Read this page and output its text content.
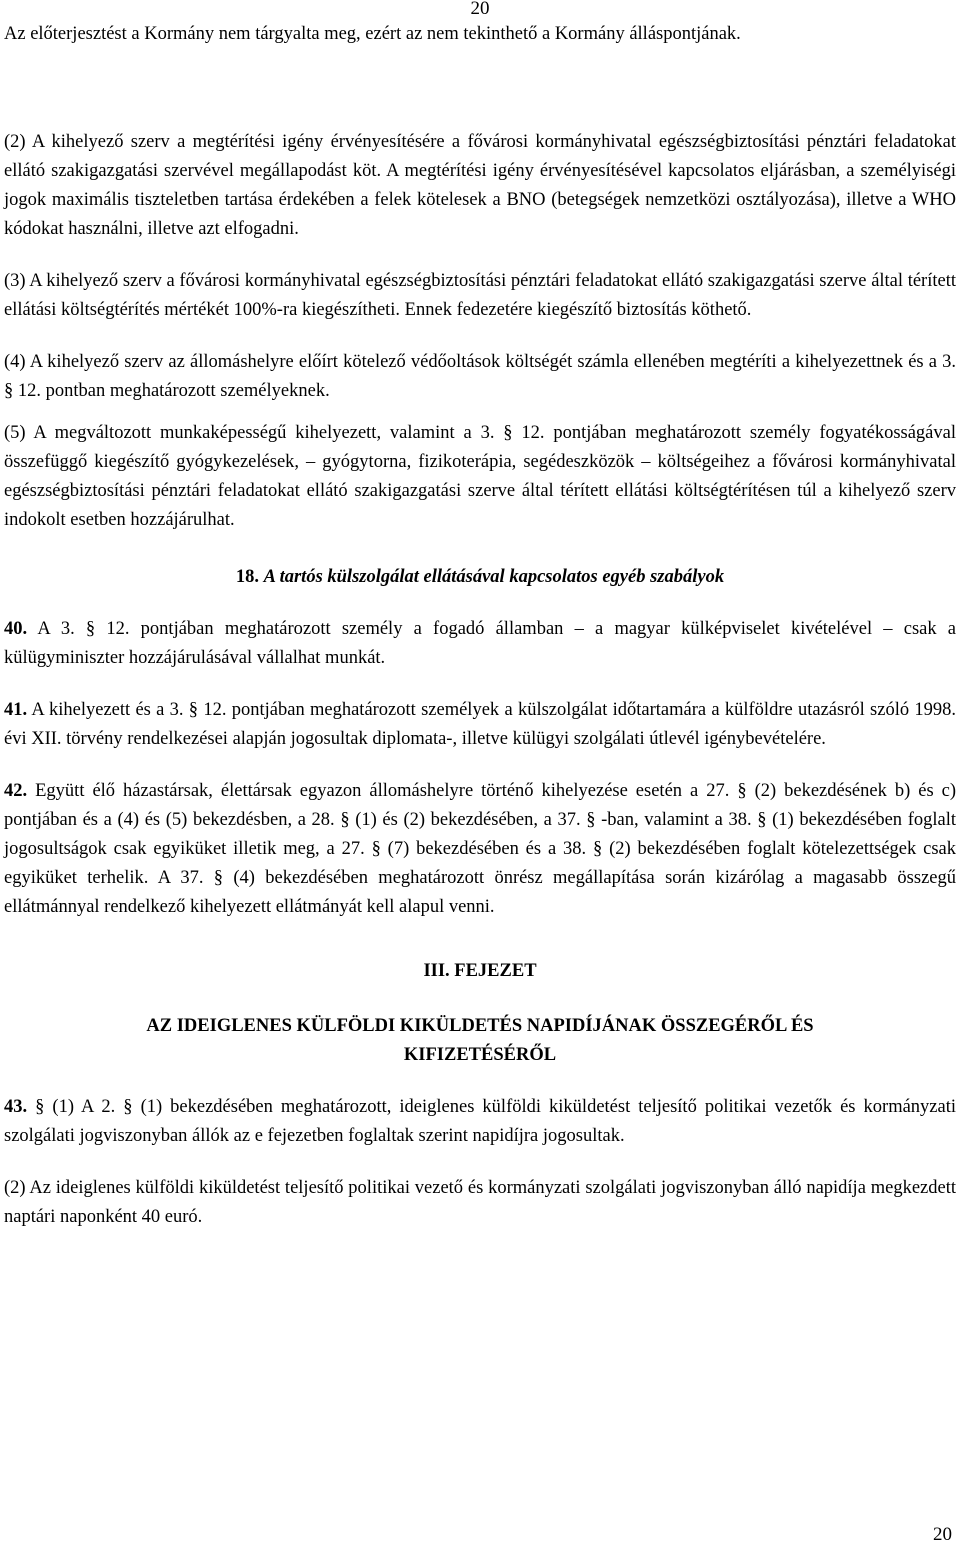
20
Az előterjesztést a Kormány nem tárgyalta meg, ezért az nem tekinthető a Kormány álláspontjának.

(2) A kihelyező szerv a megtérítési igény érvényesítésére a fővárosi kormányhivatal egészségbiztosítási pénztári feladatokat ellátó szakigazgatási szervével megállapodást köt. A megtérítési igény érvényesítésével kapcsolatos eljárásban, a személyiségi jogok maximális tiszteletben tartása érdekében a felek kötelesek a BNO (betegségek nemzetközi osztályozása), illetve a WHO kódokat használni, illetve azt elfogadni.

(3) A kihelyező szerv a fővárosi kormányhivatal egészségbiztosítási pénztári feladatokat ellátó szakigazgatási szerve által térített ellátási költségtérítés mértékét 100%-ra kiegészítheti. Ennek fedezetére kiegészítő biztosítás köthető.

(4) A kihelyező szerv az állomáshelyre előírt kötelező védőoltások költségét számla ellenében megtéríti a kihelyezettnek és a 3. § 12. pontban meghatározott személyeknek.

(5) A megváltozott munkaképességű kihelyezett, valamint a 3. § 12. pontjában meghatározott személy fogyatékosságával összefüggő kiegészítő gyógykezelések, – gyógytorna, fizikoterápia, segédeszközök – költségeihez a fővárosi kormányhivatal egészségbiztosítási pénztári feladatokat ellátó szakigazgatási szerve által térített ellátási költségtérítésen túl a kihelyező szerv indokolt esetben hozzájárulhat.

18. A tartós külszolgálat ellátásával kapcsolatos egyéb szabályok

40. A 3. § 12. pontjában meghatározott személy a fogadó államban – a magyar külképviselet kivételével – csak a külügyminiszter hozzájárulásával vállalhat munkát.

41. A kihelyezett és a 3. § 12. pontjában meghatározott személyek a külszolgálat időtartamára a külföldre utazásról szóló 1998. évi XII. törvény rendelkezései alapján jogosultak diplomata-, illetve külügyi szolgálati útlevél igénybevételére.

42. Együtt élő házastársak, élettársak egyazon állomáshelyre történő kihelyezése esetén a 27. § (2) bekezdésének b) és c) pontjában és a (4) és (5) bekezdésben, a 28. § (1) és (2) bekezdésében, a 37. § -ban, valamint a 38. § (1) bekezdésében foglalt jogosultságok csak egyiküket illetik meg, a 27. § (7) bekezdésében és a 38. § (2) bekezdésében foglalt kötelezettségek csak egyiküket terhelik. A 37. § (4) bekezdésében meghatározott önrész megállapítása során kizárólag a magasabb összegű ellátmánnyal rendelkező kihelyezett ellátmányát kell alapul venni.

III. FEJEZET
AZ IDEIGLENES KÜLFÖLDI KIKÜLDETÉS NAPIDÍJÁNAK ÖSSZEGÉRŐL ÉS
KIFIZETÉSÉRŐL

43. § (1) A 2. § (1) bekezdésében meghatározott, ideiglenes külföldi kiküldetést teljesítő politikai vezetők és kormányzati szolgálati jogviszonyban állók az e fejezetben foglaltak szerint napidíjra jogosultak.

(2) Az ideiglenes külföldi kiküldetést teljesítő politikai vezető és kormányzati szolgálati jogviszonyban álló napidíja megkezdett naptári naponként 40 euró.

20
